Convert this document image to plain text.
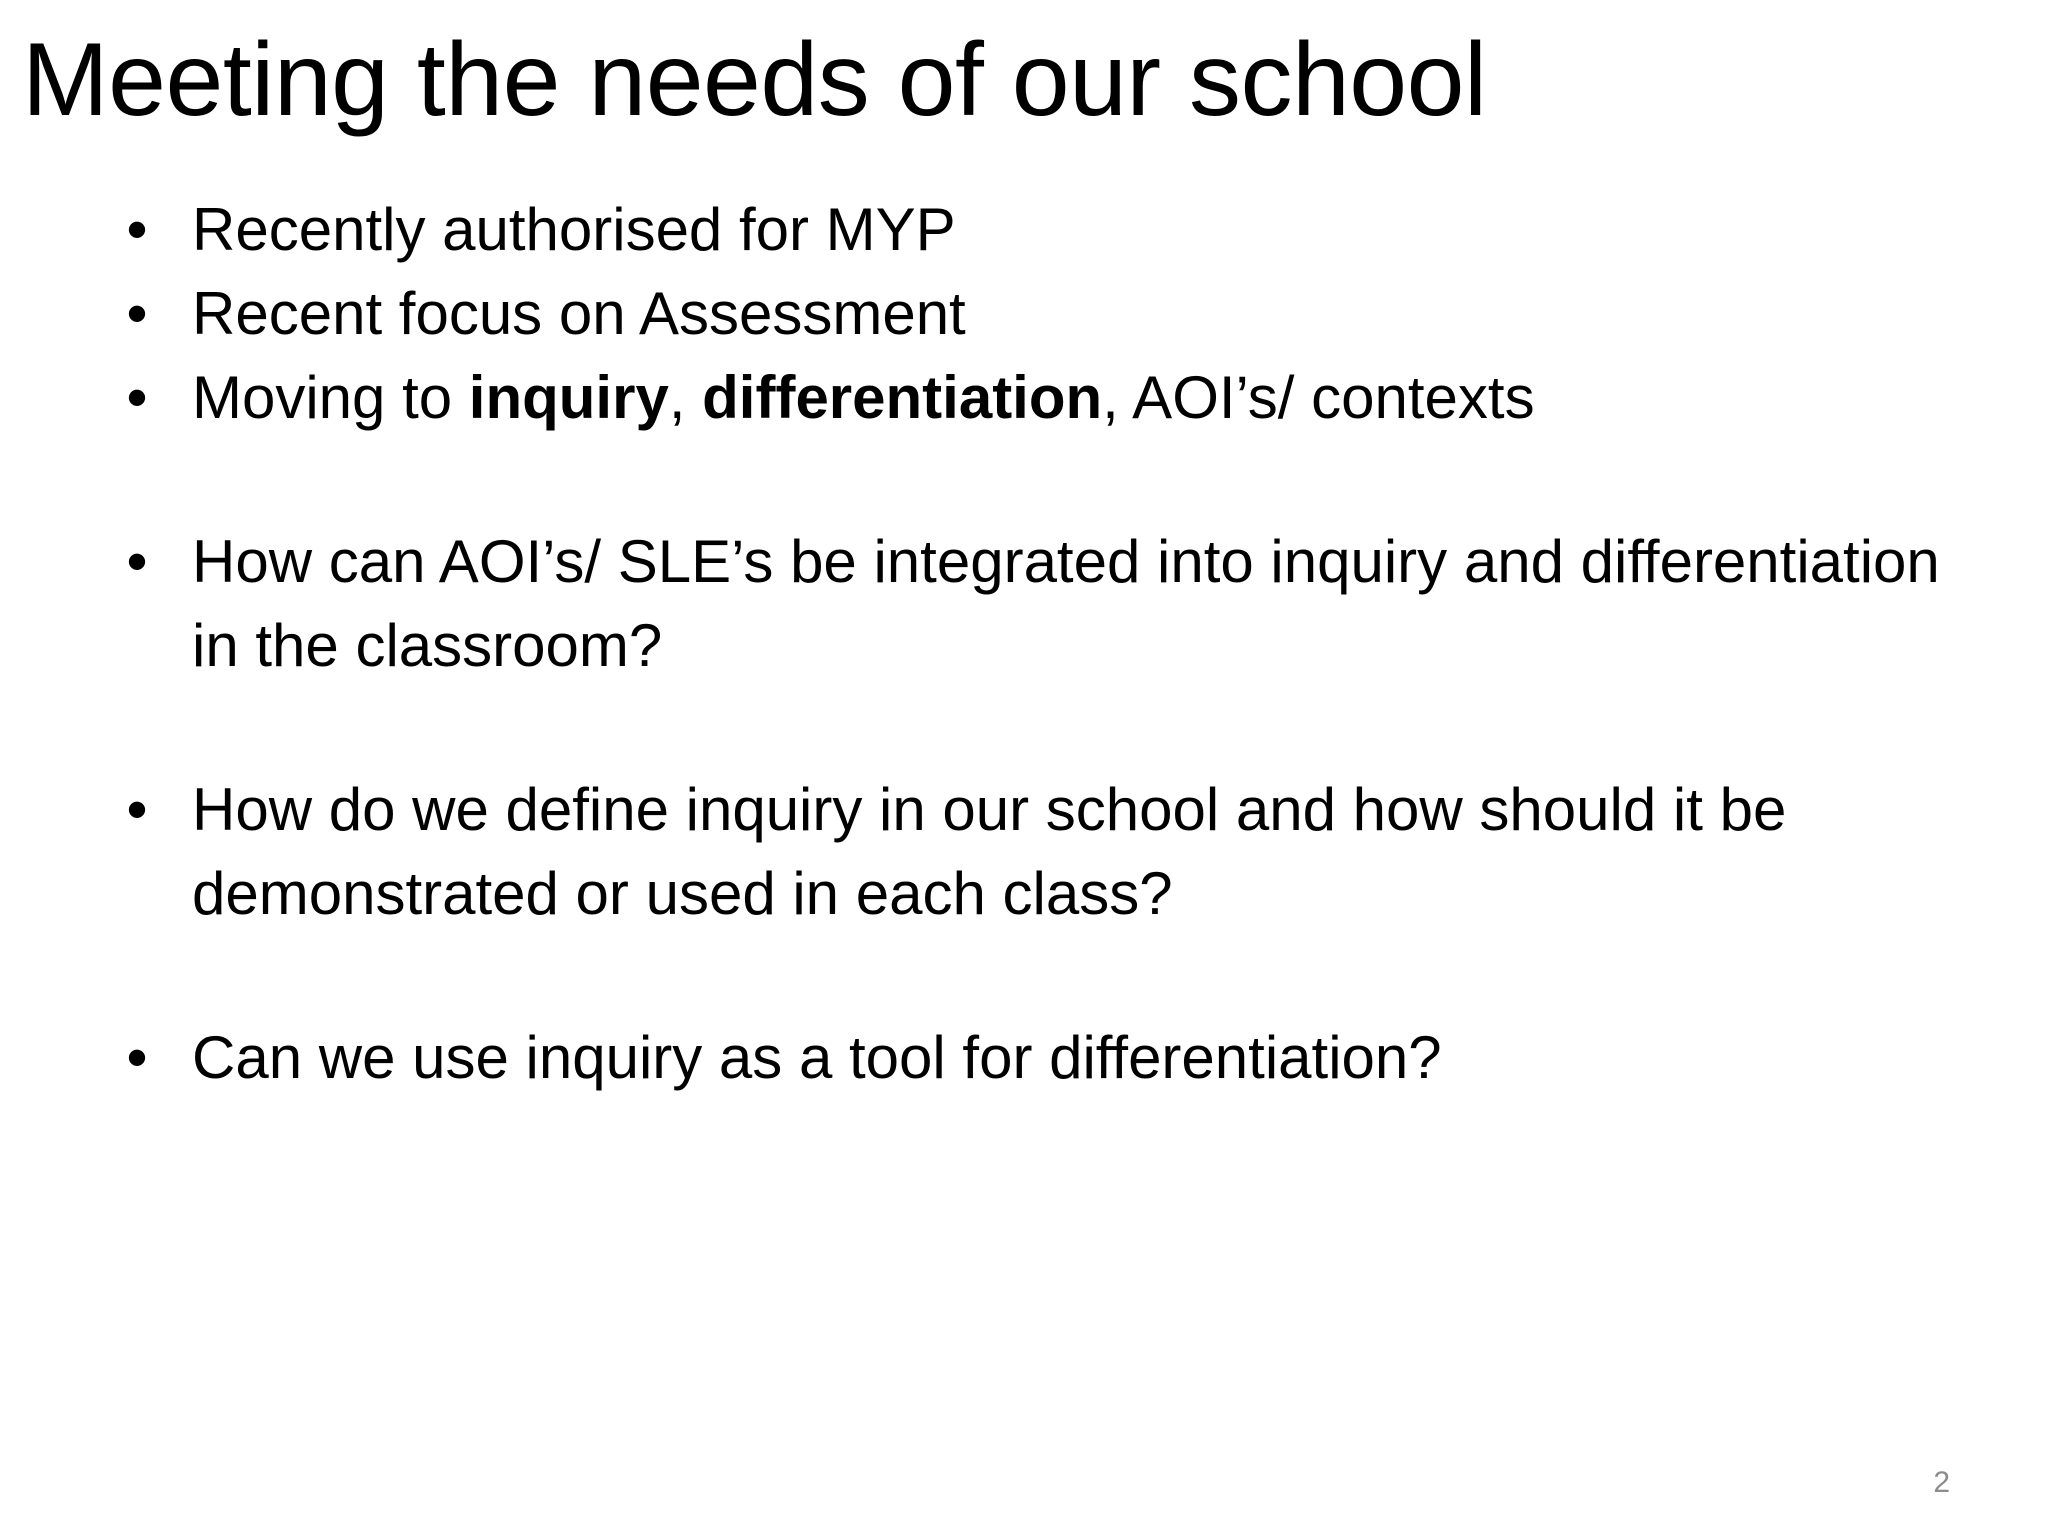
Meeting the needs of our school
• Recently authorised for MYP
• Recent focus on Assessment
• Moving to inquiry, differentiation, AOI’s/ contexts
• How can AOI’s/ SLE’s be integrated into inquiry and differentiation in the classroom?
• How do we define inquiry in our school and how should it be demonstrated or used in each class?
• Can we use inquiry as a tool for differentiation?
2
